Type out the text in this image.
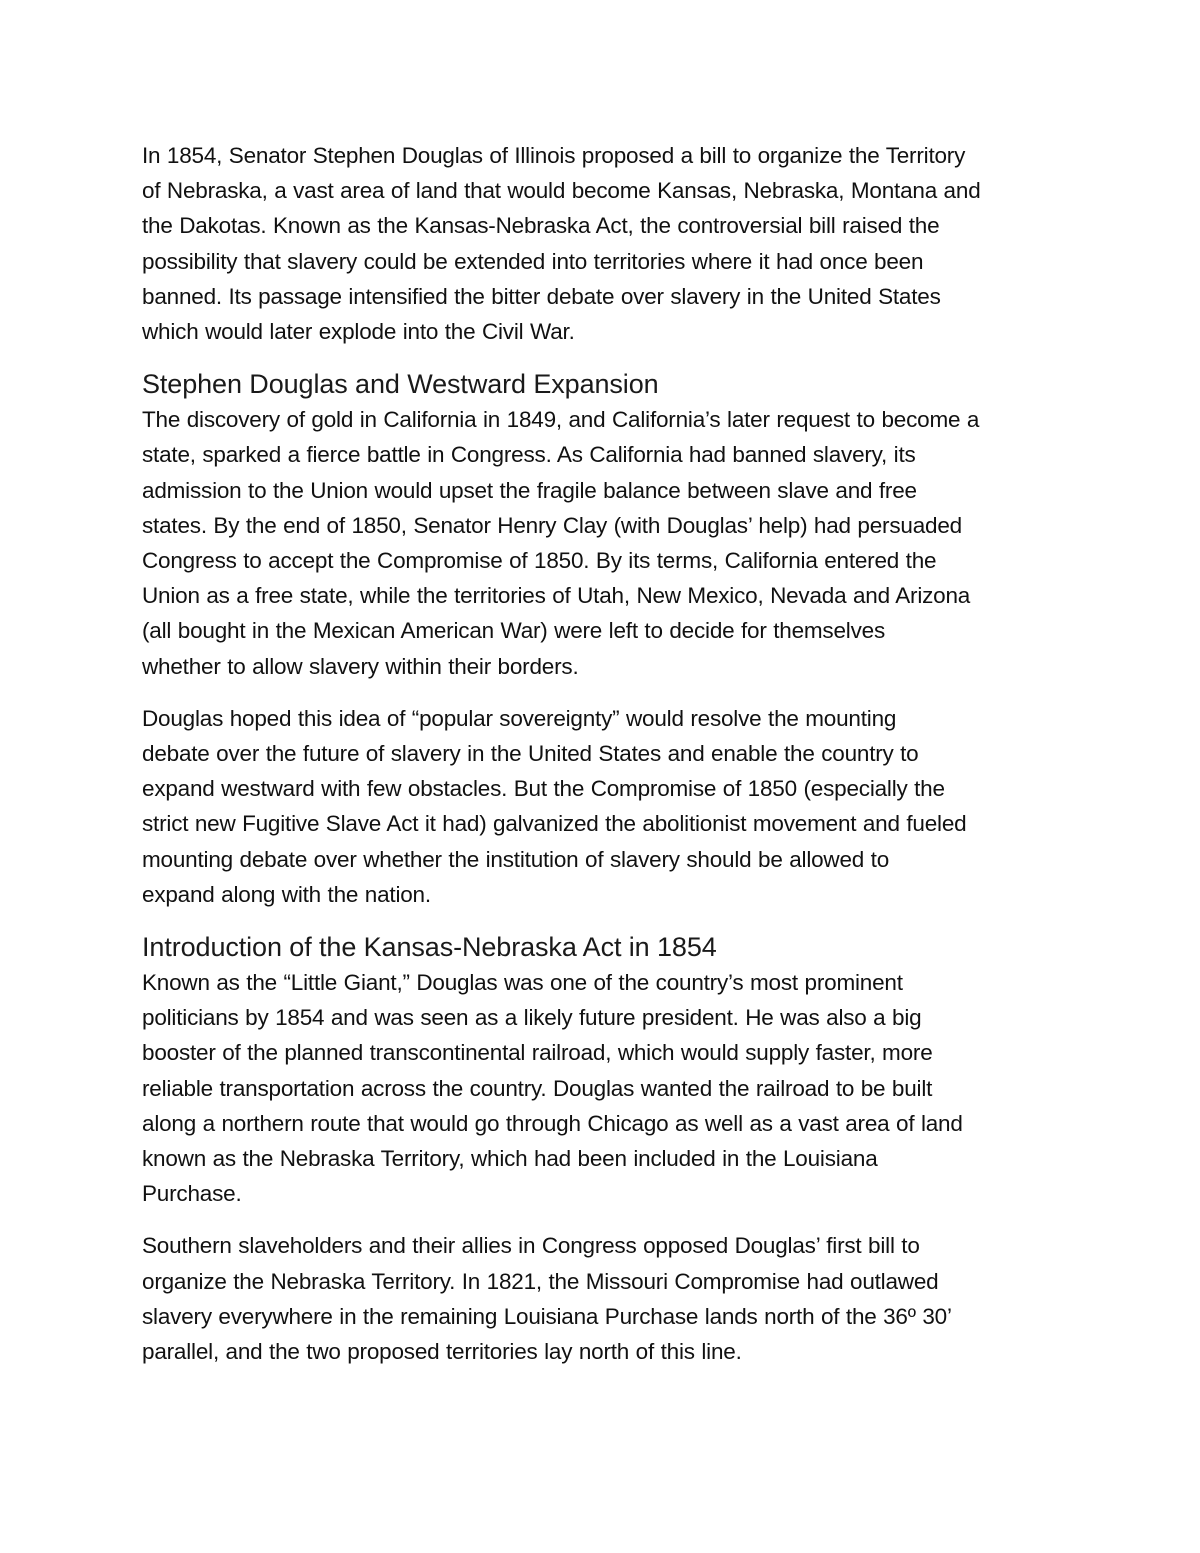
In 1854, Senator Stephen Douglas of Illinois proposed a bill to organize the Territory
of Nebraska, a vast area of land that would become Kansas, Nebraska, Montana and
the Dakotas. Known as the Kansas-Nebraska Act, the controversial bill raised the
possibility that slavery could be extended into territories where it had once been
banned. Its passage intensified the bitter debate over slavery in the United States
which would later explode into the Civil War.

Stephen Douglas and Westward Expansion

The discovery of gold in California in 1849, and California’s later request to become a
state, sparked a fierce battle in Congress. As California had banned slavery, its
admission to the Union would upset the fragile balance between slave and free
states. By the end of 1850, Senator Henry Clay (with Douglas’ help) had persuaded
Congress to accept the Compromise of 1850. By its terms, California entered the
Union as a free state, while the territories of Utah, New Mexico, Nevada and Arizona
(all bought in the Mexican American War) were left to decide for themselves
whether to allow slavery within their borders.

Douglas hoped this idea of “popular sovereignty” would resolve the mounting
debate over the future of slavery in the United States and enable the country to
expand westward with few obstacles. But the Compromise of 1850 (especially the
strict new Fugitive Slave Act it had) galvanized the abolitionist movement and fueled
mounting debate over whether the institution of slavery should be allowed to
expand along with the nation.

Introduction of the Kansas-Nebraska Act in 1854

Known as the “Little Giant,” Douglas was one of the country’s most prominent
politicians by 1854 and was seen as a likely future president. He was also a big
booster of the planned transcontinental railroad, which would supply faster, more
reliable transportation across the country. Douglas wanted the railroad to be built
along a northern route that would go through Chicago as well as a vast area of land
known as the Nebraska Territory, which had been included in the Louisiana
Purchase.

Southern slaveholders and their allies in Congress opposed Douglas’ first bill to
organize the Nebraska Territory. In 1821, the Missouri Compromise had outlawed
slavery everywhere in the remaining Louisiana Purchase lands north of the 36º 30’
parallel, and the two proposed territories lay north of this line.
